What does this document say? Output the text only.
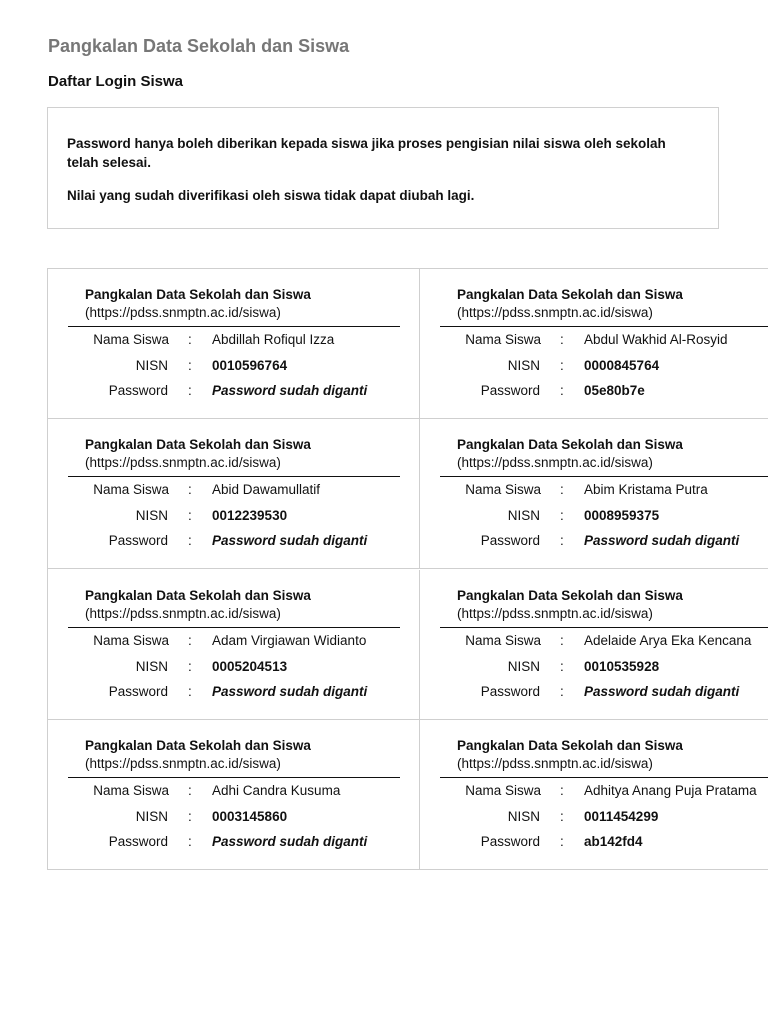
Pangkalan Data Sekolah dan Siswa
Daftar Login Siswa

Password hanya boleh diberikan kepada siswa jika proses pengisian nilai siswa oleh sekolah telah selesai.

Nilai yang sudah diverifikasi oleh siswa tidak dapat diubah lagi.

Pangkalan Data Sekolah dan Siswa
(https://pdss.snmptn.ac.id/siswa)
Nama Siswa : Abdillah Rofiqul Izza
NISN : 0010596764
Password : Password sudah diganti
Pangkalan Data Sekolah dan Siswa
(https://pdss.snmptn.ac.id/siswa)
Nama Siswa : Abdul Wakhid Al-Rosyid
NISN : 0000845764
Password : 05e80b7e
Pangkalan Data Sekolah dan Siswa
(https://pdss.snmptn.ac.id/siswa)
Nama Siswa : Abid Dawamullatif
NISN : 0012239530
Password : Password sudah diganti
Pangkalan Data Sekolah dan Siswa
(https://pdss.snmptn.ac.id/siswa)
Nama Siswa : Abim Kristama Putra
NISN : 0008959375
Password : Password sudah diganti
Pangkalan Data Sekolah dan Siswa
(https://pdss.snmptn.ac.id/siswa)
Nama Siswa : Adam Virgiawan Widianto
NISN : 0005204513
Password : Password sudah diganti
Pangkalan Data Sekolah dan Siswa
(https://pdss.snmptn.ac.id/siswa)
Nama Siswa : Adelaide Arya Eka Kencana
NISN : 0010535928
Password : Password sudah diganti
Pangkalan Data Sekolah dan Siswa
(https://pdss.snmptn.ac.id/siswa)
Nama Siswa : Adhi Candra Kusuma
NISN : 0003145860
Password : Password sudah diganti
Pangkalan Data Sekolah dan Siswa
(https://pdss.snmptn.ac.id/siswa)
Nama Siswa : Adhitya Anang Puja Pratama
NISN : 0011454299
Password : ab142fd4
